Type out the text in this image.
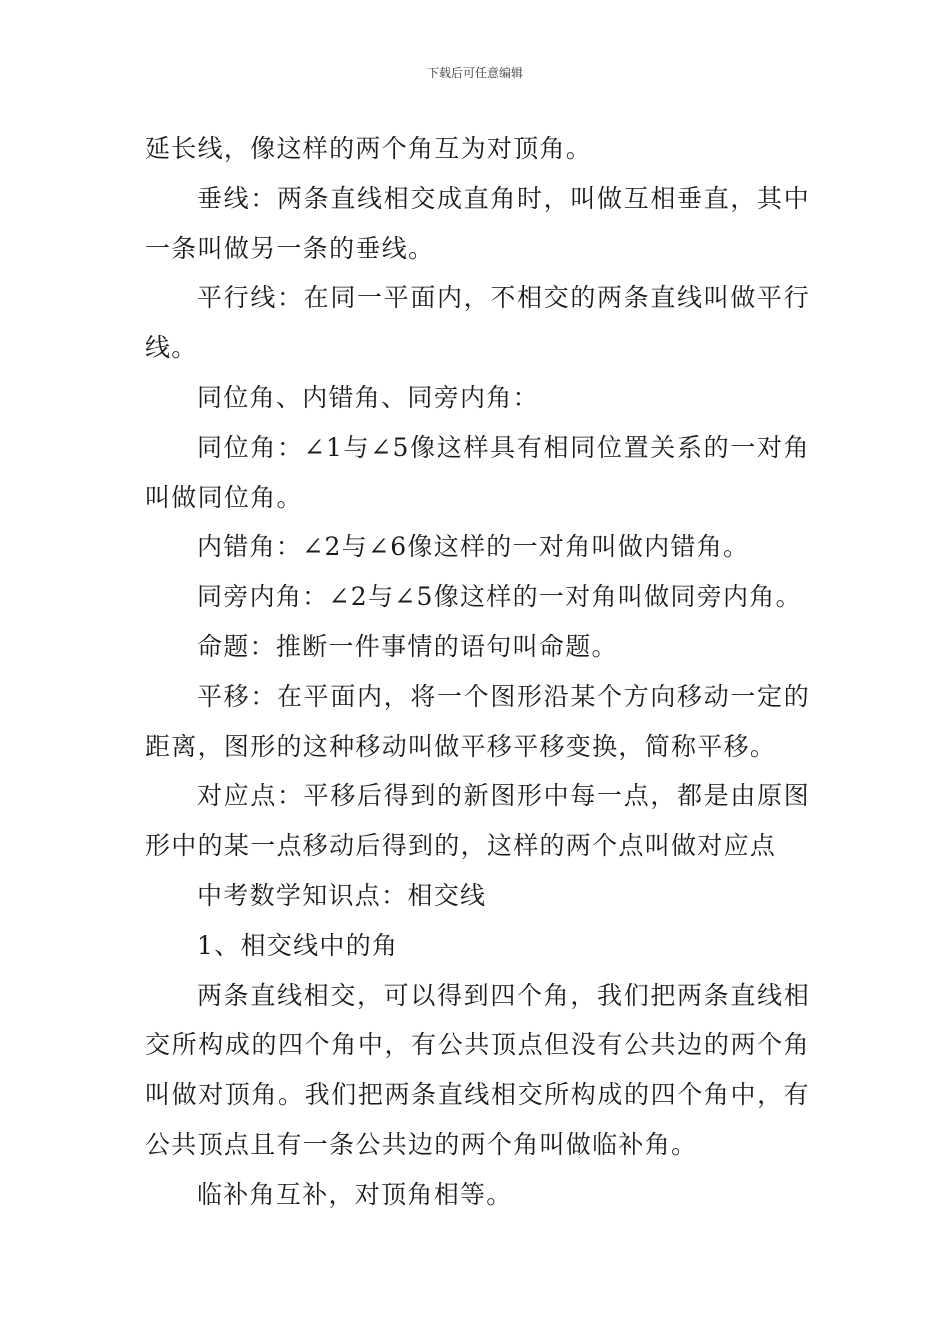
下载后可任意编辑

延长线，像这样的两个角互为对顶角。

垂线：两条直线相交成直角时，叫做互相垂直，其中一条叫做另一条的垂线。

平行线：在同一平面内，不相交的两条直线叫做平行线。

同位角、内错角、同旁内角：

同位角：∠1与∠5像这样具有相同位置关系的一对角叫做同位角。

内错角：∠2与∠6像这样的一对角叫做内错角。

同旁内角：∠2与∠5像这样的一对角叫做同旁内角。

命题：推断一件事情的语句叫命题。

平移：在平面内，将一个图形沿某个方向移动一定的距离，图形的这种移动叫做平移平移变换，简称平移。

对应点：平移后得到的新图形中每一点，都是由原图形中的某一点移动后得到的，这样的两个点叫做对应点

中考数学知识点：相交线

1、相交线中的角

两条直线相交，可以得到四个角，我们把两条直线相交所构成的四个角中，有公共顶点但没有公共边的两个角叫做对顶角。我们把两条直线相交所构成的四个角中，有公共顶点且有一条公共边的两个角叫做临补角。

临补角互补，对顶角相等。
